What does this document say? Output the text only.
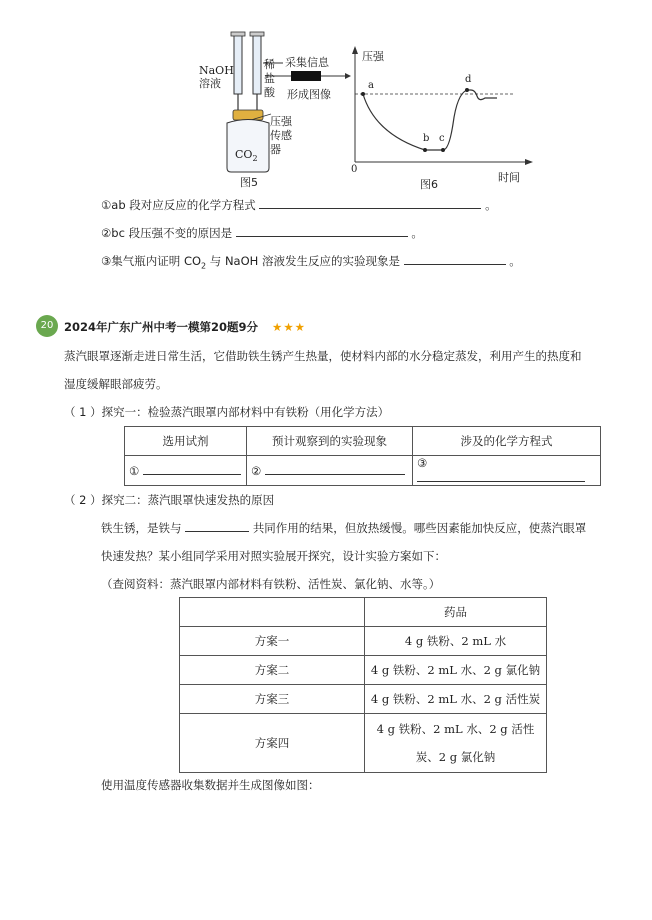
NaOH
溶液
稀
盐
酸
采集信息
形成图像
压强
传感
器
$CO_2$
图5
压强
a
b c
d
0
图6
时间
①ab 段对应反应的化学方程式	。
②bc 段压强不变的原因是	。
③集气瓶内证明 $CO_2$ 与 NaOH 溶液发生反应的实验现象是	。
20 2024年广东广州中考一模第20题9分 ★★★
蒸汽眼罩逐渐走进日常生活，它借助铁生锈产生热量，使材料内部的水分稳定蒸发，利用产生的热度和
湿度缓解眼部疲劳。
（ 1 ）探究一：检验蒸汽眼罩内部材料中有铁粉（用化学方法）
选用试剂	预计观察到的实验现象	涉及的化学方程式
①	②	③
（ 2 ）探究二：蒸汽眼罩快速发热的原因
铁生锈，是铁与	共同作用的结果，但放热缓慢。哪些因素能加快反应，使蒸汽眼罩
快速发热？某小组同学采用对照实验展开探究，设计实验方案如下：
（查阅资料：蒸汽眼罩内部材料有铁粉、活性炭、氯化钠、水等。）
	药品
方案一	4 g 铁粉、2 mL 水
方案二	4 g 铁粉、2 mL 水、2 g 氯化钠
方案三	4 g 铁粉、2 mL 水、2 g 活性炭
方案四	4 g 铁粉、2 mL 水、2 g 活性
炭、2 g 氯化钠
使用温度传感器收集数据并生成图像如图：
